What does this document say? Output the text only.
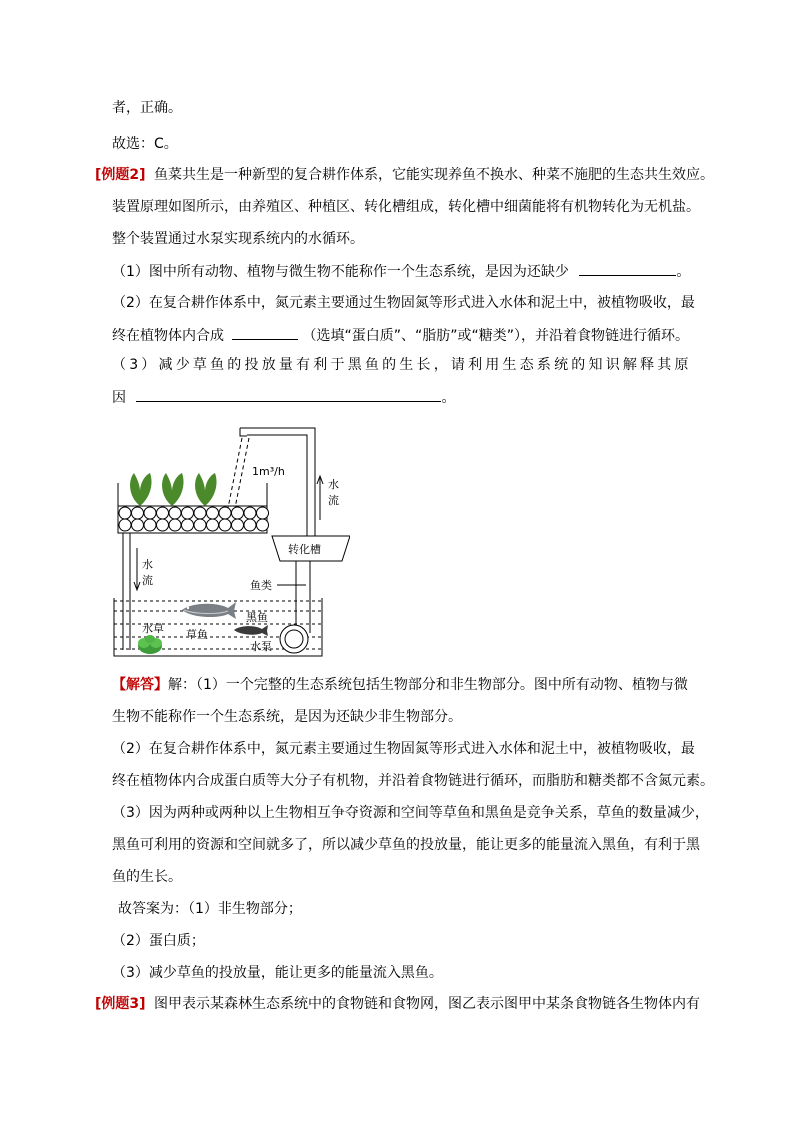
者，正确。
故选：C。
[例题2] 鱼菜共生是一种新型的复合耕作体系，它能实现养鱼不换水、种菜不施肥的生态共生效应。
装置原理如图所示，由养殖区、种植区、转化槽组成，转化槽中细菌能将有机物转化为无机盐。
整个装置通过水泵实现系统内的水循环。
（1）图中所有动物、植物与微生物不能称作一个生态系统，是因为还缺少	。
（2）在复合耕作体系中，氮元素主要通过生物固氮等形式进入水体和泥土中，被植物吸收，最
终在植物体内合成	（选填“蛋白质”、“脂肪”或“糖类”），并沿着食物链进行循环。
（3）减少草鱼的投放量有利于黑鱼的生长，请利用生态系统的知识解释其原
因	。
1m³/h
水
流
转化槽
水
流	鱼类
黑鱼
水草 草鱼
水泵
【解答】解：（1）一个完整的生态系统包括生物部分和非生物部分。图中所有动物、植物与微
生物不能称作一个生态系统，是因为还缺少非生物部分。
（2）在复合耕作体系中，氮元素主要通过生物固氮等形式进入水体和泥土中，被植物吸收，最
终在植物体内合成蛋白质等大分子有机物，并沿着食物链进行循环，而脂肪和糖类都不含氮元素。
（3）因为两种或两种以上生物相互争夺资源和空间等草鱼和黑鱼是竞争关系，草鱼的数量减少，
黑鱼可利用的资源和空间就多了，所以减少草鱼的投放量，能让更多的能量流入黑鱼，有利于黑
鱼的生长。
故答案为：（1）非生物部分；
（2）蛋白质；
（3）减少草鱼的投放量，能让更多的能量流入黑鱼。
[例题3] 图甲表示某森林生态系统中的食物链和食物网，图乙表示图甲中某条食物链各生物体内有
